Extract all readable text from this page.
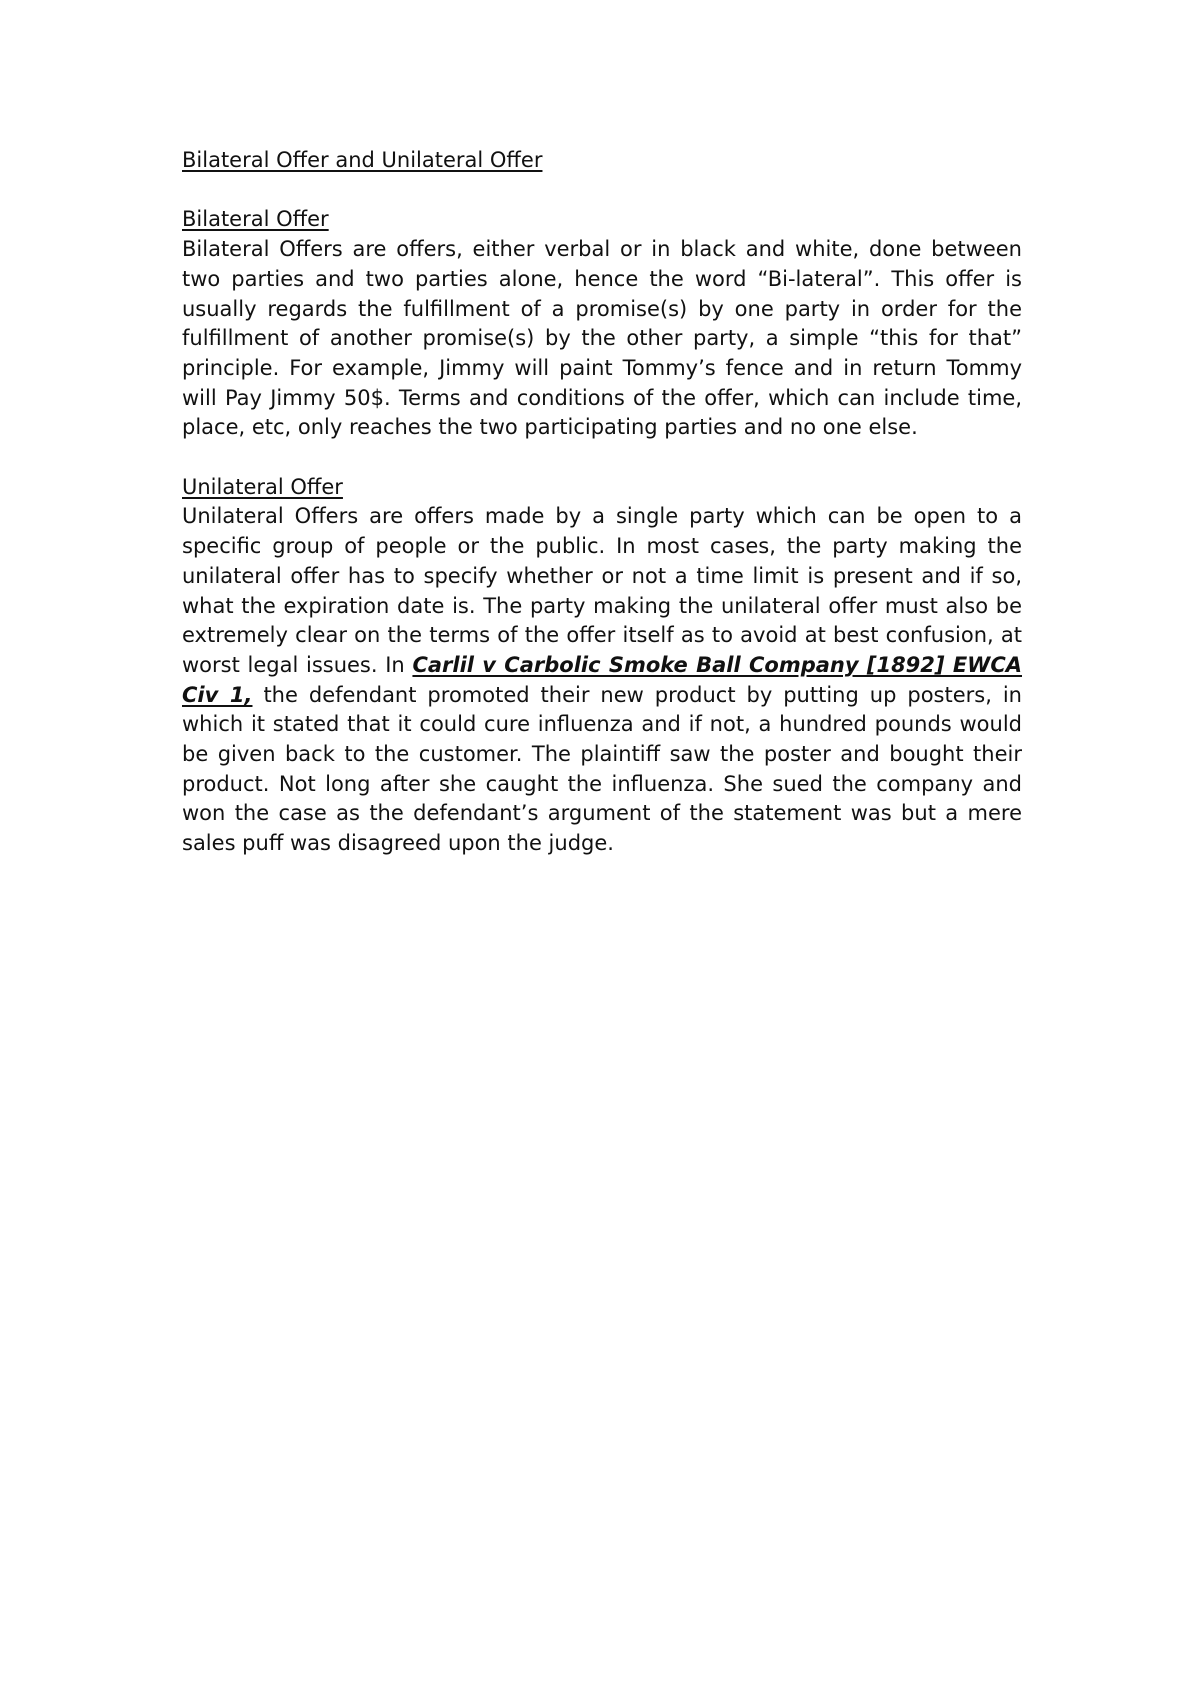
Bilateral Offer and Unilateral Offer
Bilateral Offer

Bilateral Offers are offers, either verbal or in black and white, done between two parties and two parties alone, hence the word “Bi-lateral”. This offer is usually regards the fulfillment of a promise(s) by one party in order for the fulfillment of another promise(s) by the other party, a simple “this for that” principle. For example, Jimmy will paint Tommy’s fence and in return Tommy will Pay Jimmy 50$. Terms and conditions of the offer, which can include time, place, etc, only reaches the two participating parties and no one else.

Unilateral Offer

Unilateral Offers are offers made by a single party which can be open to a specific group of people or the public. In most cases, the party making the unilateral offer has to specify whether or not a time limit is present and if so, what the expiration date is. The party making the unilateral offer must also be extremely clear on the terms of the offer itself as to avoid at best confusion, at worst legal issues. In Carlil v Carbolic Smoke Ball Company [1892] EWCA Civ 1, the defendant promoted their new product by putting up posters, in which it stated that it could cure influenza and if not, a hundred pounds would be given back to the customer. The plaintiff saw the poster and bought their product. Not long after she caught the influenza. She sued the company and won the case as the defendant’s argument of the statement was but a mere sales puff was disagreed upon the judge.
